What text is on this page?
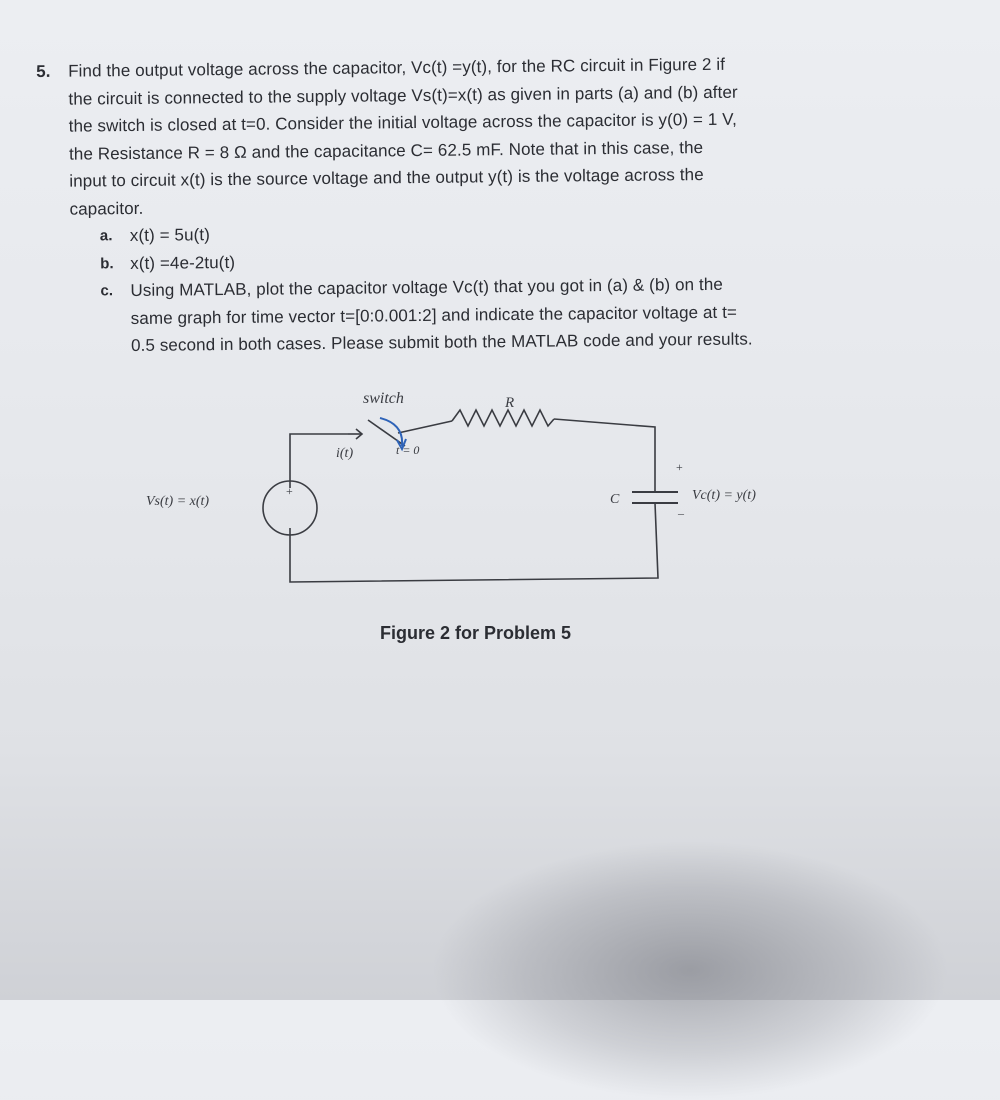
5. Find the output voltage across the capacitor, Vc(t) =y(t), for the RC circuit in Figure 2 if
the circuit is connected to the supply voltage Vs(t)=x(t) as given in parts (a) and (b) after
the switch is closed at t=0. Consider the initial voltage across the capacitor is y(0) = 1 V,
the Resistance R = 8 Ω and the capacitance C= 62.5 mF. Note that in this case, the
input to circuit x(t) is the source voltage and the output y(t) is the voltage across the
capacitor.
a.	x(t) = 5u(t)
b. x(t) =4e-2tu(t)
c.	Using MATLAB, plot the capacitor voltage Vc(t) that you got in (a) & (b) on the
same graph for time vector t=[0:0.001:2] and indicate the capacitor voltage at t=
0.5 second in both cases. Please submit both the MATLAB code and your results.
switch	R
i(t)	t = 0
Vs(t) = x(t)
+
C
+
–
Vc(t) = y(t)
Figure 2 for Problem 5
